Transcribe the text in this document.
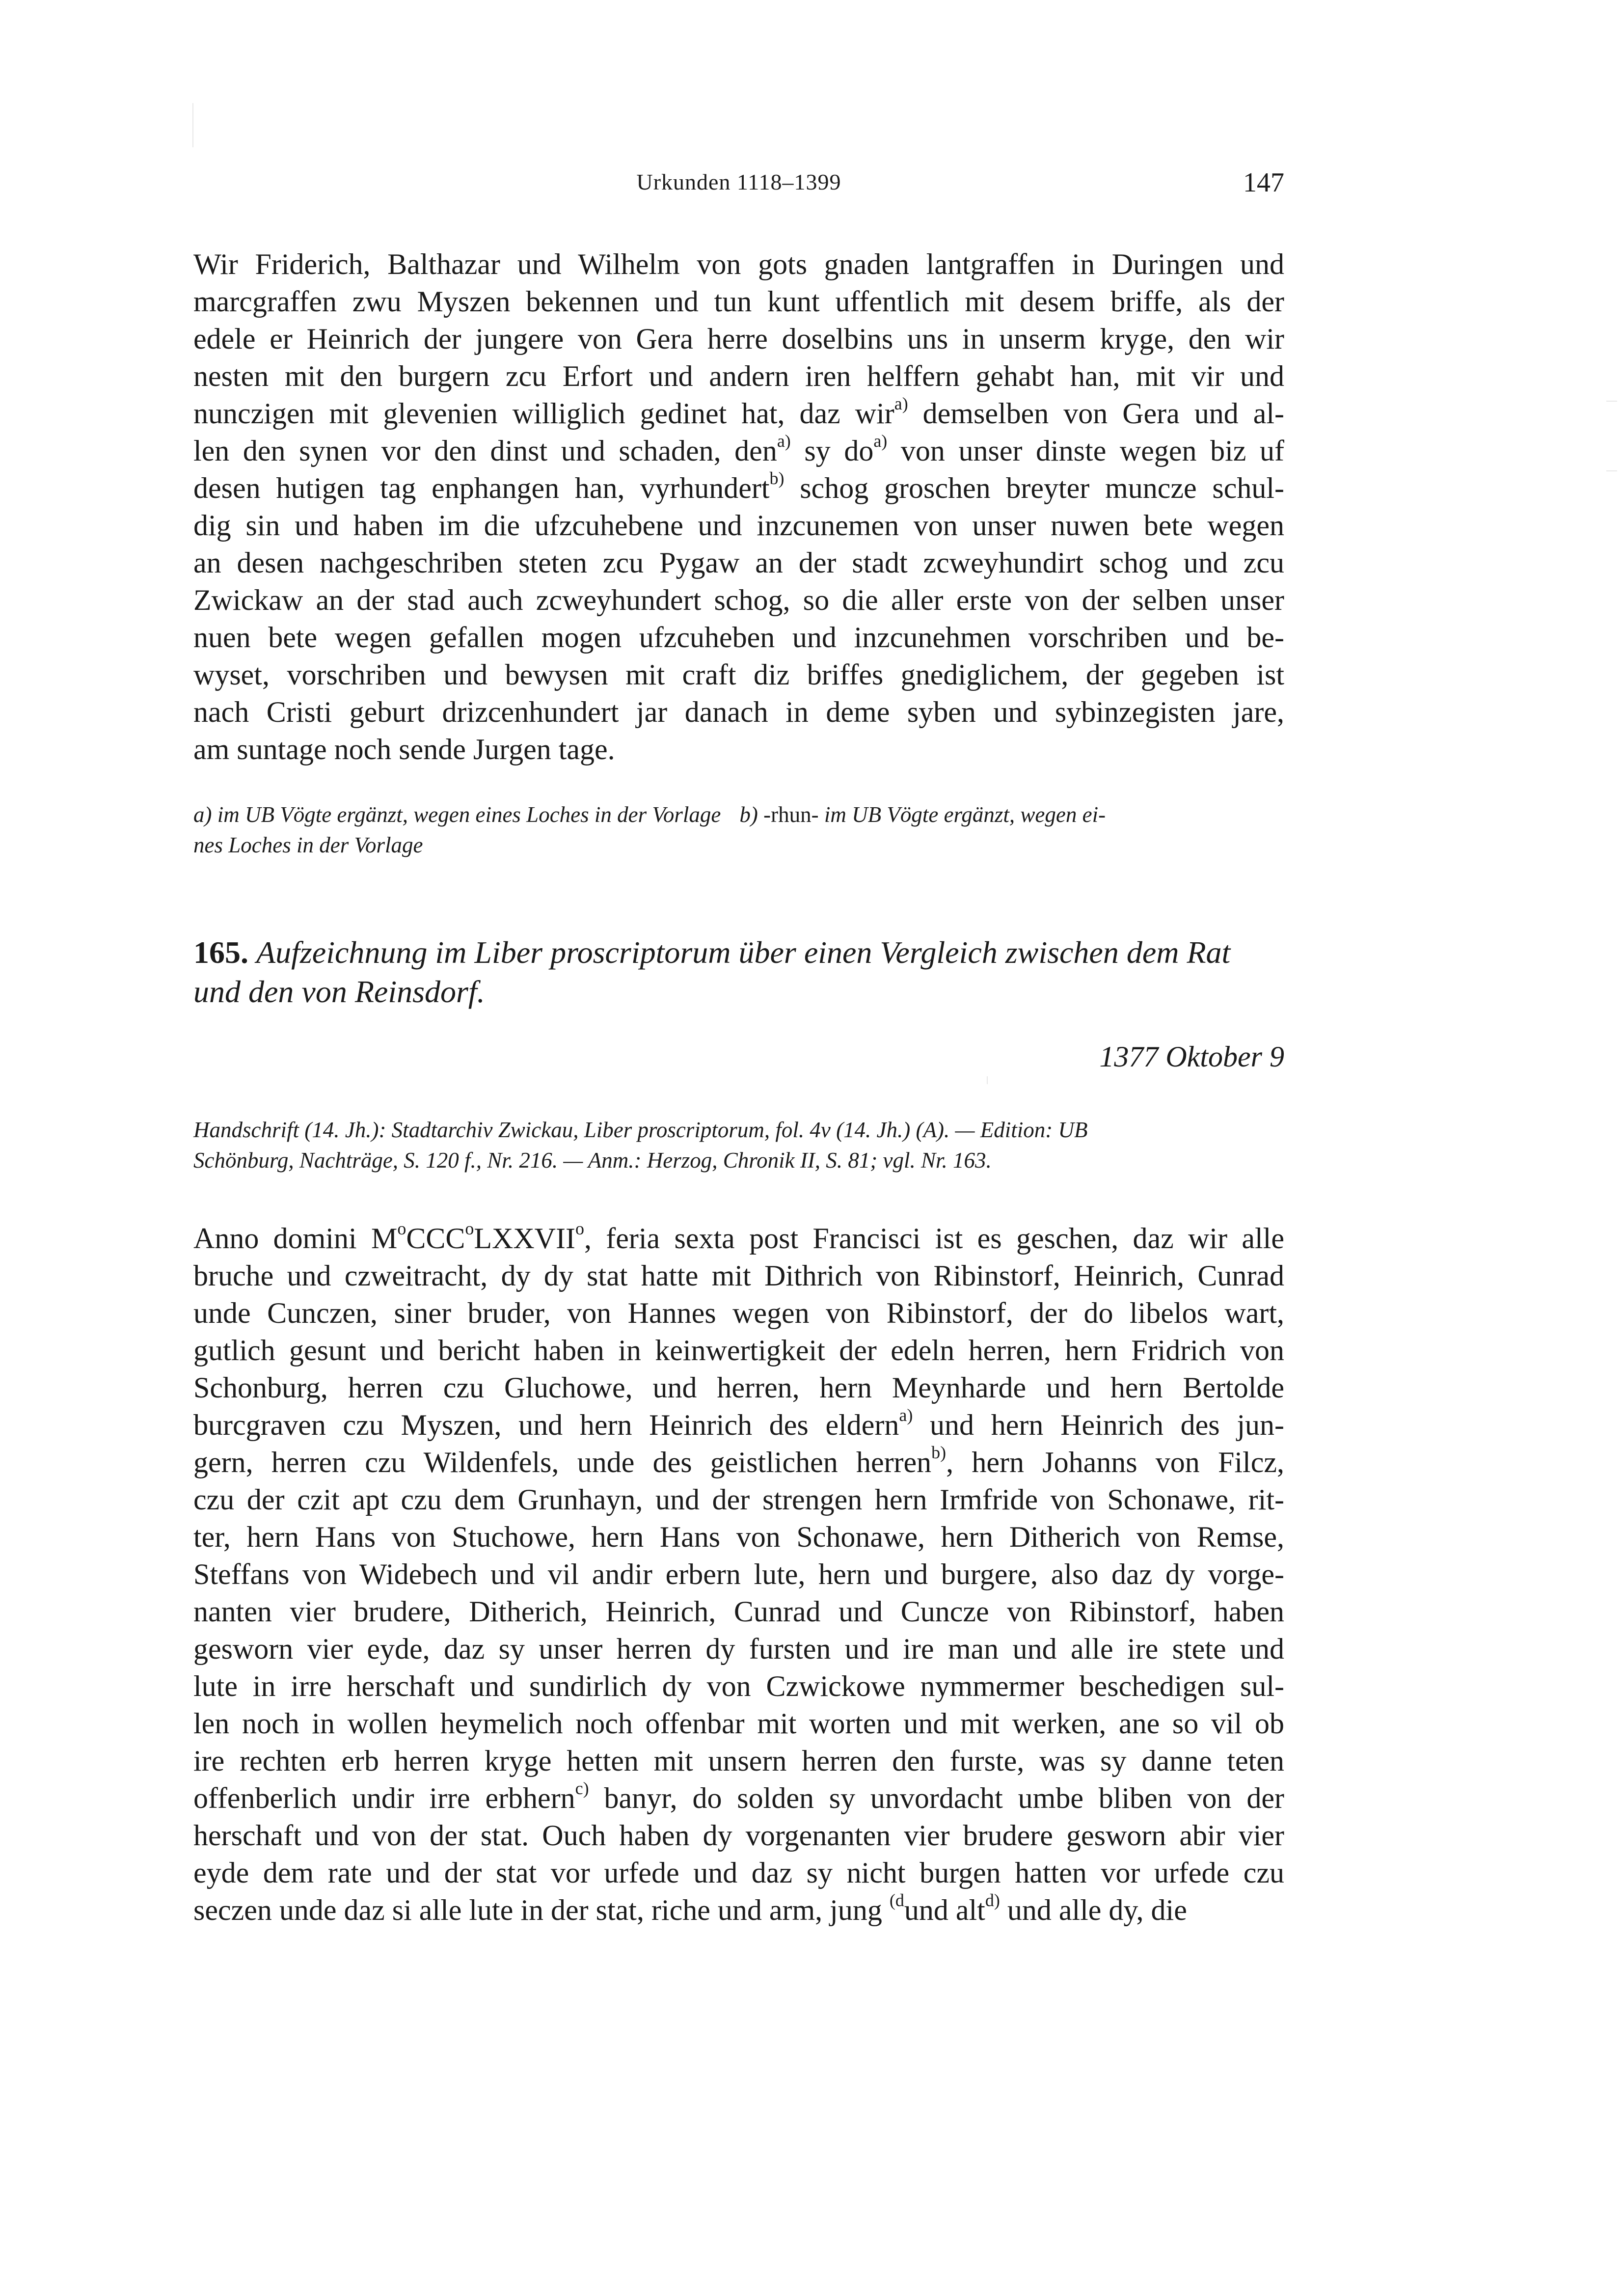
Urkunden 1118–1399	147
Wir Friderich, Balthazar und Wilhelm von gots gnaden lantgraffen in Duringen und
marcgraffen zwu Myszen bekennen und tun kunt uffentlich mit desem briffe, als der
edele er Heinrich der jungere von Gera herre doselbins uns in unserm kryge, den wir
nesten mit den burgern zcu Erfort und andern iren helffern gehabt han, mit vir und
nunczigen mit glevenien williglich gedinet hat, daz wir$^{a)}$ demselben von Gera und al-
len den synen vor den dinst und schaden, den$^{a)}$ sy $do^{a)}$ von unser dinste wegen biz uf
desen hutigen tag enphangen han, vyrhundert$^{b)}$ schog groschen breyter muncze schul-
dig sin und haben im die ufzcuhebene und inzcunemen von unser nuwen bete wegen
an desen nachgeschriben steten zcu Pygaw an der stadt zcweyhundirt schog und zcu
Zwickaw an der stad auch zcweyhundert schog, so die aller erste von der selben unser
nuen bete wegen gefallen mogen ufzcuheben und inzcunehmen vorschriben und be-
wyset, vorschriben und bewysen mit craft diz briffes gnediglichem, der gegeben ist
nach Cristi geburt drizcenhundert jar danach in deme syben und sybinzegisten jare,
am suntage noch sende Jurgen tage.
a) im UB Vögte ergänzt, wegen eines Loches in der Vorlage b) -rhun- im UB Vögte ergänzt, wegen ei-
nes Loches in der Vorlage
165. Aufzeichnung im Liber proscriptorum über einen Vergleich zwischen dem Rat
und den von Reinsdorf.
1377 Oktober 9
Handschrift (14. Jh.): Stadtarchiv Zwickau, Liber proscriptorum, fol. 4v (14. Jh.) (A). — Edition: UB
Schönburg, Nachträge, S. 120 f., Nr. 216. — Anm.: Herzog, Chronik II, S. 81; vgl. Nr. 163.
Anno domini $M^oCCC^oLXXVII^o$, feria sexta post Francisci ist es geschen, daz wir alle
bruche und czweitracht, dy dy stat hatte mit Dithrich von Ribinstorf, Heinrich, Cunrad
unde Cunczen, siner bruder, von Hannes wegen von Ribinstorf, der do libelos wart,
gutlich gesunt und bericht haben in keinwertigkeit der edeln herren, hern Fridrich von
Schonburg, herren czu Gluchowe, und herren, hern Meynharde und hern Bertolde
burcgraven czu Myszen, und hern Heinrich des eldern$^{a)}$ und hern Heinrich des jun-
gern, herren czu Wildenfels, unde des geistlichen herren$^{b)}$, hern Johanns von Filcz,
czu der czit apt czu dem Grunhayn, und der strengen hern Irmfride von Schonawe, rit-
ter, hern Hans von Stuchowe, hern Hans von Schonawe, hern Ditherich von Remse,
Steffans von Widebech und vil andir erbern lute, hern und burgere, also daz dy vorge-
nanten vier brudere, Ditherich, Heinrich, Cunrad und Cuncze von Ribinstorf, haben
gesworn vier eyde, daz sy unser herren dy fursten und ire man und alle ire stete und
lute in irre herschaft und sundirlich dy von Czwickowe nymmermer beschedigen sul-
len noch in wollen heymelich noch offenbar mit worten und mit werken, ane so vil ob
ire rechten erb herren kryge hetten mit unsern herren den furste, was sy danne teten
offenberlich undir irre erbhern$^{c)}$ banyr, do solden sy unvordacht umbe bliben von der
herschaft und von der stat. Ouch haben dy vorgenanten vier brudere gesworn abir vier
eyde dem rate und der stat vor urfede und daz sy nicht burgen hatten vor urfede czu
seczen unde daz si alle lute in der stat, riche und arm, jung $^{(d}$und alt$^{d)}$ und alle dy, die
